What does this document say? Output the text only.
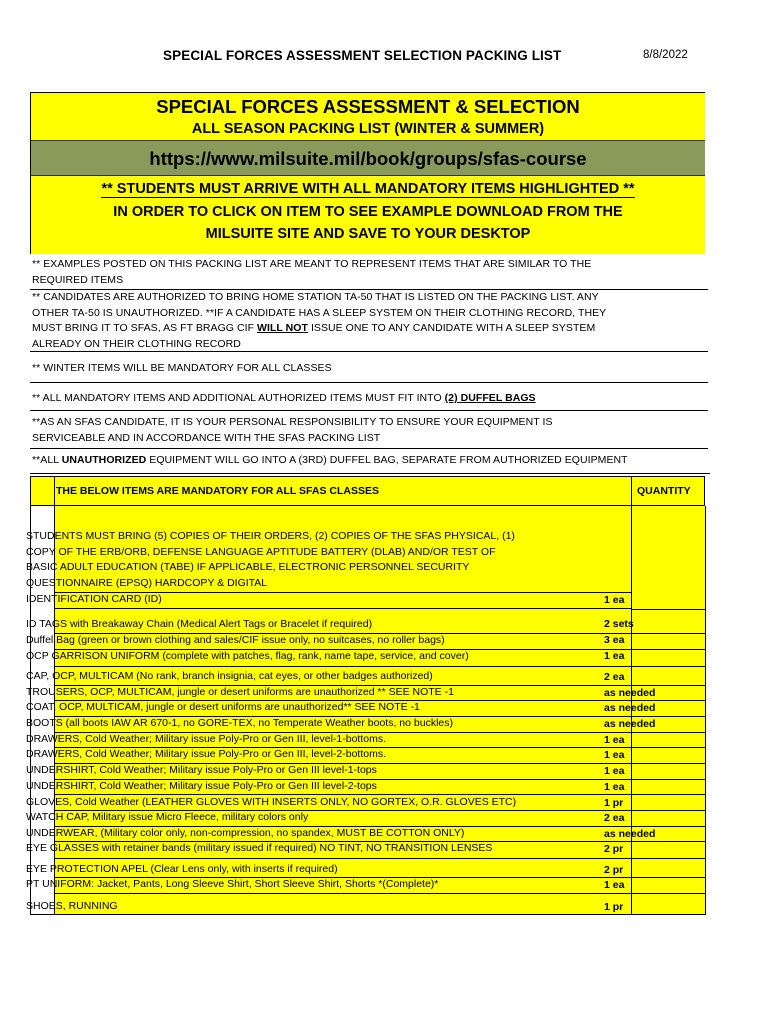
SPECIAL FORCES ASSESSMENT SELECTION PACKING LIST	8/8/2022
SPECIAL FORCES ASSESSMENT & SELECTION
ALL SEASON PACKING LIST (WINTER & SUMMER)
https://www.milsuite.mil/book/groups/sfas-course
** STUDENTS MUST ARRIVE WITH ALL MANDATORY ITEMS HIGHLIGHTED **
IN ORDER TO CLICK ON ITEM TO SEE EXAMPLE DOWNLOAD FROM THE
MILSUITE SITE AND SAVE TO YOUR DESKTOP
** EXAMPLES POSTED ON THIS PACKING LIST ARE MEANT TO REPRESENT ITEMS THAT ARE SIMILAR TO THE
REQUIRED ITEMS
** CANDIDATES ARE AUTHORIZED TO BRING HOME STATION TA-50 THAT IS LISTED ON THE PACKING LIST. ANY
OTHER TA-50 IS UNAUTHORIZED. **IF A CANDIDATE HAS A SLEEP SYSTEM ON THEIR CLOTHING RECORD, THEY
MUST BRING IT TO SFAS, AS FT BRAGG CIF WILL NOT ISSUE ONE TO ANY CANDIDATE WITH A SLEEP SYSTEM
ALREADY ON THEIR CLOTHING RECORD
** WINTER ITEMS WILL BE MANDATORY FOR ALL CLASSES
** ALL MANDATORY ITEMS AND ADDITIONAL AUTHORIZED ITEMS MUST FIT INTO (2) DUFFEL BAGS
**AS AN SFAS CANDIDATE, IT IS YOUR PERSONAL RESPONSIBILITY TO ENSURE YOUR EQUIPMENT IS
SERVICEABLE AND IN ACCORDANCE WITH THE SFAS PACKING LIST
**ALL UNAUTHORIZED EQUIPMENT WILL GO INTO A (3RD) DUFFEL BAG, SEPARATE FROM AUTHORIZED EQUIPMENT
THE BELOW ITEMS ARE MANDATORY FOR ALL SFAS CLASSES	QUANTITY
STUDENTS MUST BRING (5) COPIES OF THEIR ORDERS, (2) COPIES OF THE SFAS PHYSICAL, (1)
COPY OF THE ERB/ORB, DEFENSE LANGUAGE APTITUDE BATTERY (DLAB) AND/OR TEST OF
BASIC ADULT EDUCATION (TABE) IF APPLICABLE, ELECTRONIC PERSONNEL SECURITY
QUESTIONNAIRE (EPSQ) HARDCOPY & DIGITAL
IDENTIFICATION CARD (ID)	1 ea
ID TAGS with Breakaway Chain (Medical Alert Tags or Bracelet if required)	2 sets
Duffel Bag (green or brown clothing and sales/CIF issue only, no suitcases, no roller bags)	3 ea
OCP GARRISON UNIFORM (complete with patches, flag, rank, name tape, service, and cover)	1 ea
CAP, OCP, MULTICAM (No rank, branch insignia, cat eyes, or other badges authorized)	2 ea
TROUSERS, OCP, MULTICAM, jungle or desert uniforms are unauthorized ** SEE NOTE -1	as needed
COAT, OCP, MULTICAM, jungle or desert uniforms are unauthorized** SEE NOTE -1	as needed
BOOTS (all boots IAW AR 670-1, no GORE-TEX, no Temperate Weather boots, no buckles)	as needed
DRAWERS, Cold Weather; Military issue Poly-Pro or Gen III, level-1-bottoms.	1 ea
DRAWERS, Cold Weather; Military issue Poly-Pro or Gen III, level-2-bottoms.	1 ea
UNDERSHIRT, Cold Weather; Military issue Poly-Pro or Gen III level-1-tops	1 ea
UNDERSHIRT, Cold Weather; Military issue Poly-Pro or Gen III level-2-tops	1 ea
GLOVES, Cold Weather (LEATHER GLOVES WITH INSERTS ONLY, NO GORTEX, O.R. GLOVES ETC)	1 pr
WATCH CAP, Military issue Micro Fleece, military colors only	2 ea
UNDERWEAR, (Military color only, non-compression, no spandex, MUST BE COTTON ONLY)	as needed
EYE GLASSES with retainer bands (military issued if required) NO TINT, NO TRANSITION LENSES	2 pr
EYE PROTECTION APEL (Clear Lens only, with inserts if required)	2 pr
PT UNIFORM: Jacket, Pants, Long Sleeve Shirt, Short Sleeve Shirt, Shorts *(Complete)*	1 ea
SHOES, RUNNING	1 pr
